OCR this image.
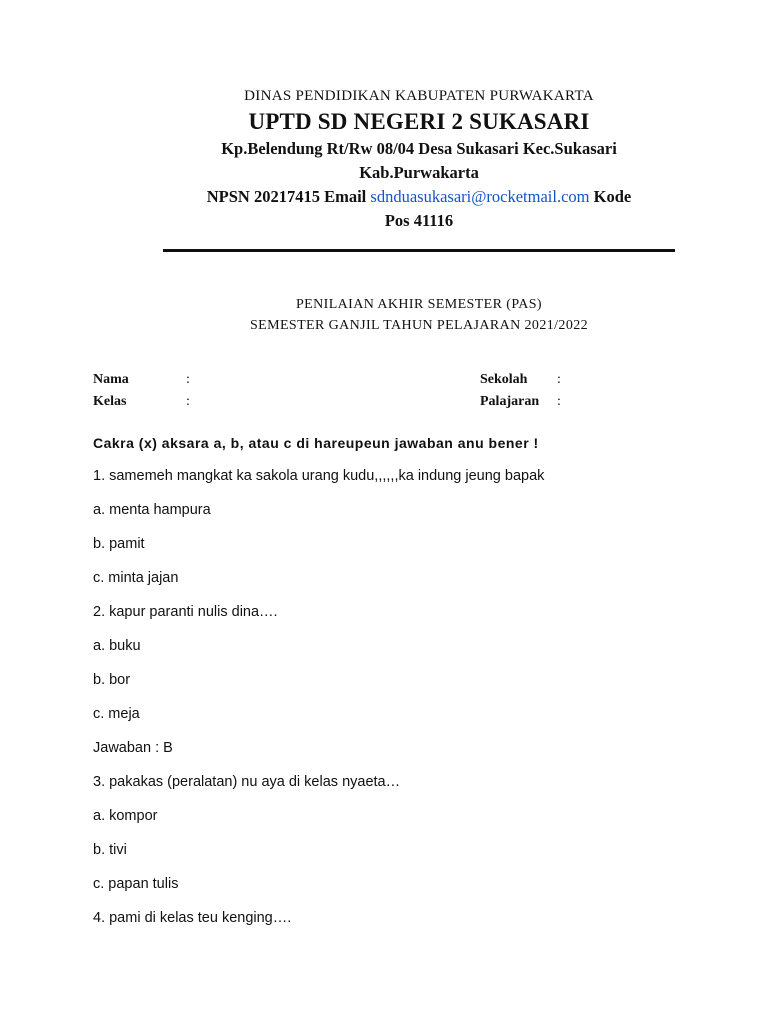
DINAS PENDIDIKAN KABUPATEN PURWAKARTA
UPTD SD NEGERI 2 SUKASARI
Kp.Belendung Rt/Rw 08/04 Desa Sukasari Kec.Sukasari
Kab.Purwakarta
NPSN 20217415 Email sdnduasukasari@rocketmail.com Kode
Pos 41116
PENILAIAN AKHIR SEMESTER (PAS)
SEMESTER GANJIL TAHUN PELAJARAN 2021/2022
Nama	:
Kelas	:
Sekolah :
Palajaran :
Cakra (x) aksara a, b, atau c di hareupeun jawaban anu bener !
1. samemeh mangkat ka sakola urang kudu,,,,,,ka indung jeung bapak
a. menta hampura
b. pamit
c. minta jajan
2. kapur paranti nulis dina….
a. buku
b. bor
c. meja
Jawaban : B
3. pakakas (peralatan) nu aya di kelas nyaeta…
a. kompor
b. tivi
c. papan tulis
4. pami di kelas teu kenging….
